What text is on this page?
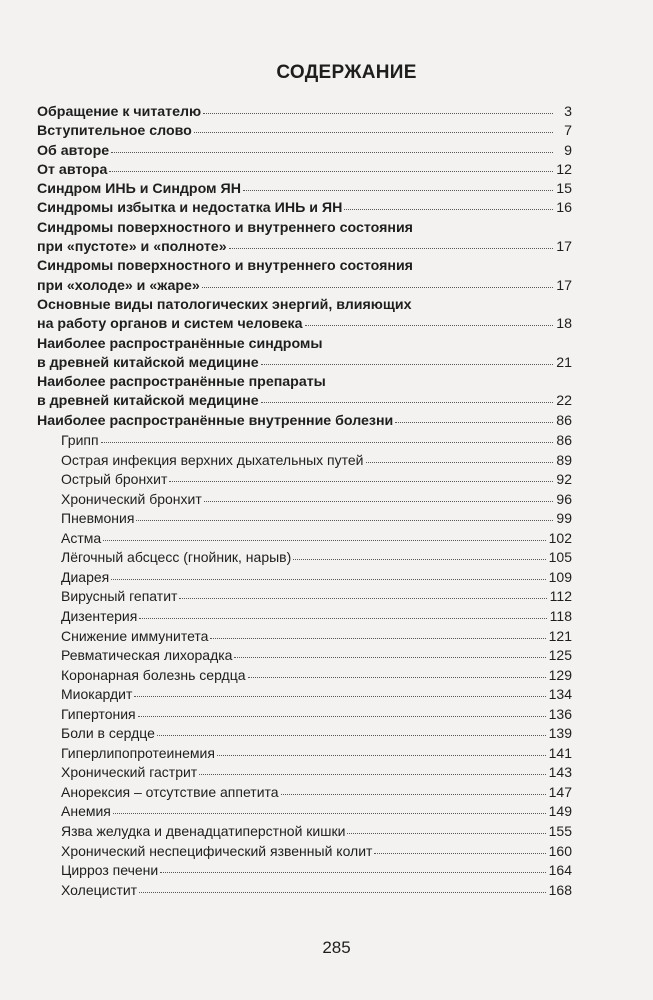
СОДЕРЖАНИЕ
Обращение к читателю	3
Вступительное слово	7
Об авторе	9
От автора	12
Синдром ИНЬ и Синдром ЯН	15
Синдромы избытка и недостатка ИНЬ и ЯН	16
Синдромы поверхностного и внутреннего состояния
при «пустоте» и «полноте»	17
Синдромы поверхностного и внутреннего состояния
при «холоде» и «жаре»	17
Основные виды патологических энергий, влияющих
на работу органов и систем человека	18
Наиболее распространённые синдромы
в древней китайской медицине	21
Наиболее распространённые препараты
в древней китайской медицине	22
Наиболее распространённые внутренние болезни	86
Грипп	86
Острая инфекция верхних дыхательных путей	89
Острый бронхит	92
Хронический бронхит	96
Пневмония	99
Астма	102
Лёгочный абсцесс (гнойник, нарыв)	105
Диарея	109
Вирусный гепатит	112
Дизентерия	118
Снижение иммунитета	121
Ревматическая лихорадка	125
Коронарная болезнь сердца	129
Миокардит	134
Гипертония	136
Боли в сердце	139
Гиперлипопротеинемия	141
Хронический гастрит	143
Анорексия – отсутствие аппетита	147
Анемия	149
Язва желудка и двенадцатиперстной кишки	155
Хронический неспецифический язвенный колит	160
Цирроз печени	164
Холецистит	168
285
